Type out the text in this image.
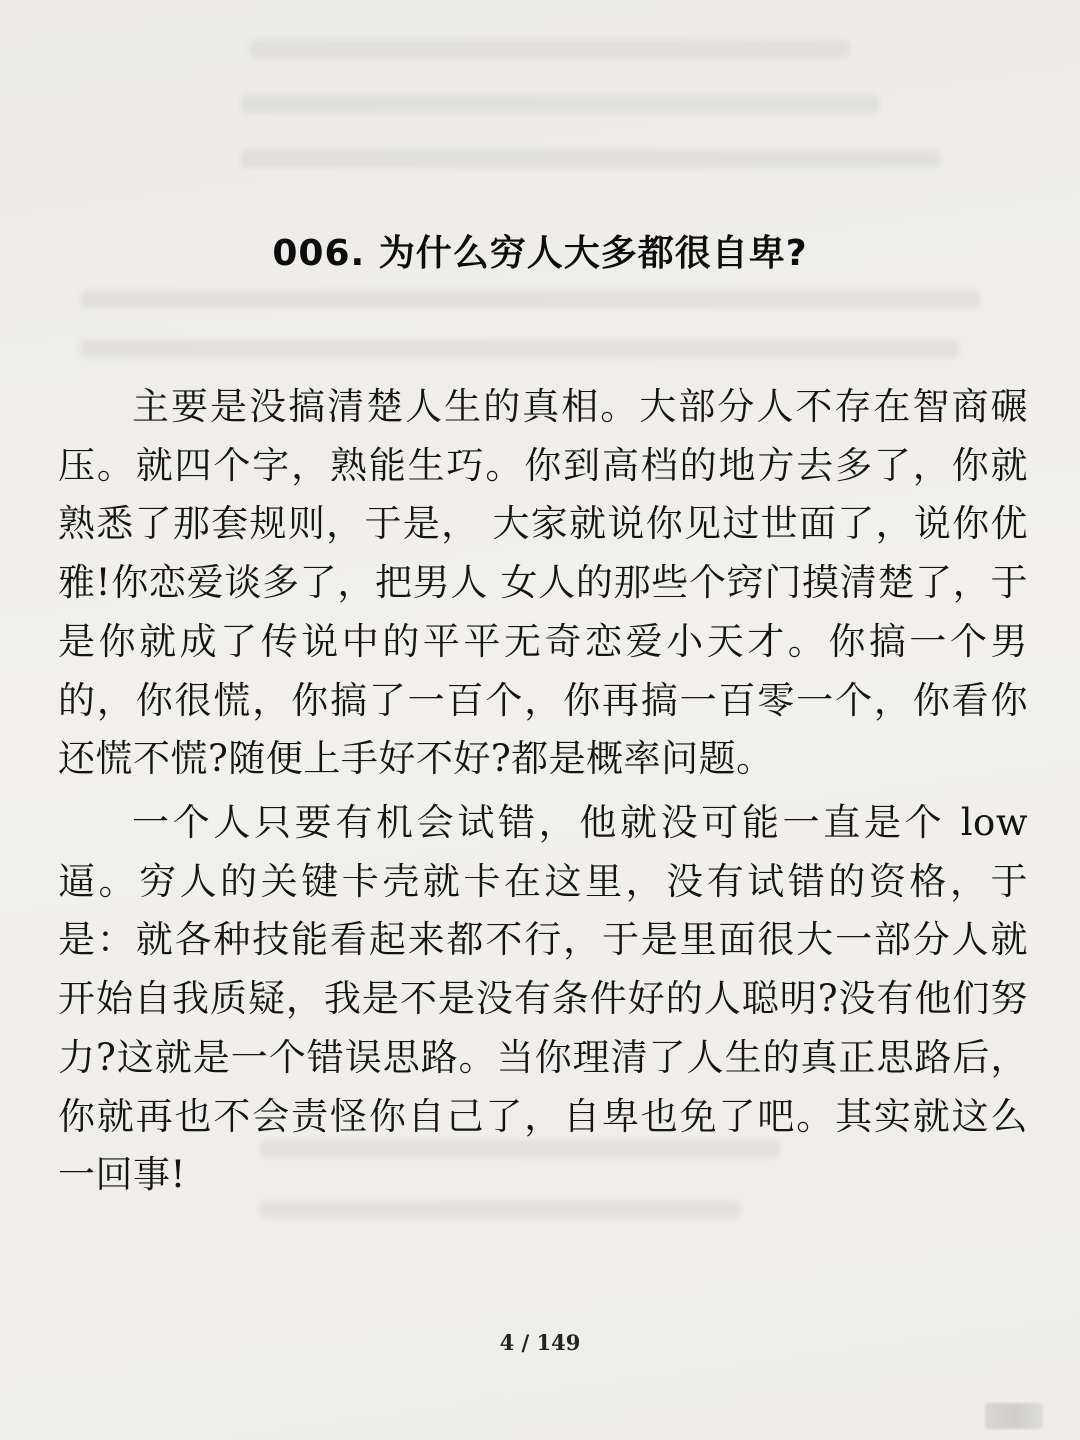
006. 为什么穷人大多都很自卑?

主要是没搞清楚人生的真相。大部分人不存在智商碾压。就四个字，熟能生巧。你到高档的地方去多了，你就熟悉了那套规则，于是， 大家就说你见过世面了，说你优雅!你恋爱谈多了，把男人 女人的那些个窍门摸清楚了，于是你就成了传说中的平平无奇恋爱小天才。你搞一个男的，你很慌，你搞了一百个，你再搞一百零一个，你看你还慌不慌?随便上手好不好?都是概率问题。

一个人只要有机会试错，他就没可能一直是个 low 逼。穷人的关键卡壳就卡在这里，没有试错的资格，于是：就各种技能看起来都不行，于是里面很大一部分人就开始自我质疑，我是不是没有条件好的人聪明?没有他们努力?这就是一个错误思路。当你理清了人生的真正思路后，你就再也不会责怪你自己了，自卑也免了吧。其实就这么一回事!

4 / 149
